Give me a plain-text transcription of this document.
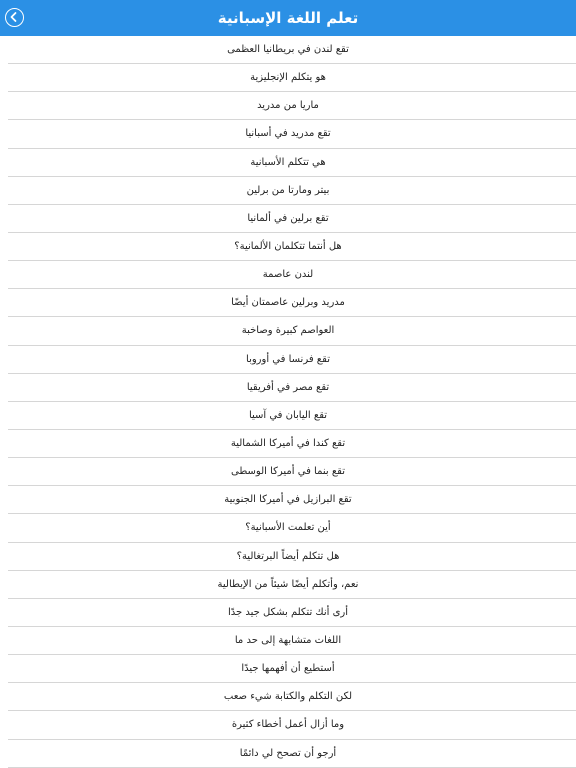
تعلم اللغة الإسبانية
تقع لندن في بريطانيا العظمى
هو يتكلم الإنجليزية
ماريا من مدريد
تقع مدريد في أسبانيا
هي تتكلم الأسبانية
بيتر ومارتا من برلين
تقع برلين في ألمانيا
هل أنتما تتكلمان الألمانية؟
لندن عاصمة
مدريد وبرلين عاصمتان أيضًا
العواصم كبيرة وصاخبة
تقع فرنسا في أوروبا
تقع مصر في أفريقيا
تقع اليابان في آسيا
تقع كندا في أميركا الشمالية
تقع بنما في أميركا الوسطى
تقع البرازيل في أميركا الجنوبية
أين تعلمت الأسبانية؟
هل تتكلم أيضاً البرتغالية؟
نعم، وأتكلم أيضًا شيئاً من الإيطالية
أرى أنك تتكلم بشكل جيد جدًا
اللغات متشابهة إلى حد ما
أستطيع أن أفهمها جيدًا
لكن التكلم والكتابة شيء صعب
وما أزال أعمل أخطاء كثيرة
أرجو أن تصحح لي دائمًا
